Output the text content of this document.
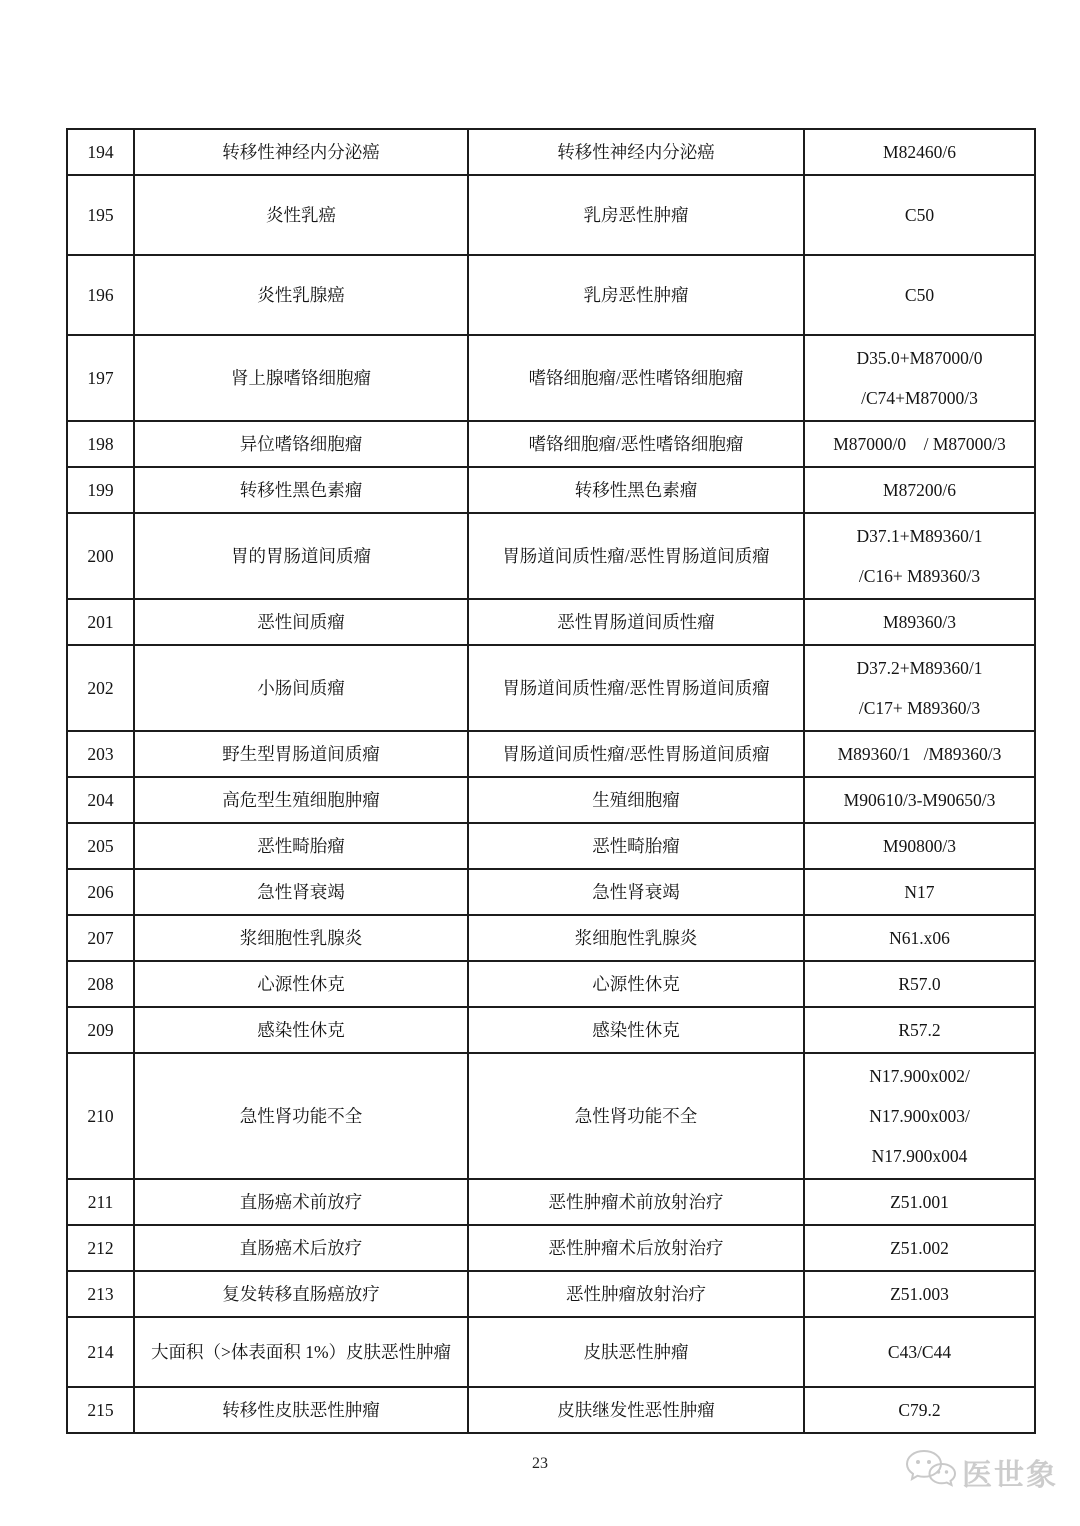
194	转移性神经内分泌癌	转移性神经内分泌癌	M82460/6

195	炎性乳癌	乳房恶性肿瘤	C50

196	炎性乳腺癌	乳房恶性肿瘤	C50

197	肾上腺嗜铬细胞瘤	嗜铬细胞瘤/恶性嗜铬细胞瘤	D35.0+M87000/0
/C74+M87000/3

198	异位嗜铬细胞瘤	嗜铬细胞瘤/恶性嗜铬细胞瘤	M87000/0    / M87000/3

199	转移性黑色素瘤	转移性黑色素瘤	M87200/6

200	胃的胃肠道间质瘤	胃肠道间质性瘤/恶性胃肠道间质瘤	D37.1+M89360/1
/C16+ M89360/3

201	恶性间质瘤	恶性胃肠道间质性瘤	M89360/3

202	小肠间质瘤	胃肠道间质性瘤/恶性胃肠道间质瘤	D37.2+M89360/1
/C17+ M89360/3

203	野生型胃肠道间质瘤	胃肠道间质性瘤/恶性胃肠道间质瘤	M89360/1   /M89360/3

204	高危型生殖细胞肿瘤	生殖细胞瘤	M90610/3-M90650/3

205	恶性畸胎瘤	恶性畸胎瘤	M90800/3

206	急性肾衰竭	急性肾衰竭	N17

207	浆细胞性乳腺炎	浆细胞性乳腺炎	N61.x06

208	心源性休克	心源性休克	R57.0

209	感染性休克	感染性休克	R57.2

210	急性肾功能不全	急性肾功能不全	N17.900x002/
N17.900x003/
N17.900x004

211	直肠癌术前放疗	恶性肿瘤术前放射治疗	Z51.001

212	直肠癌术后放疗	恶性肿瘤术后放射治疗	Z51.002

213	复发转移直肠癌放疗	恶性肿瘤放射治疗	Z51.003

214	大面积（>体表面积 1%）皮肤恶性肿瘤	皮肤恶性肿瘤	C43/C44

215	转移性皮肤恶性肿瘤	皮肤继发性恶性肿瘤	C79.2
23	医世象
